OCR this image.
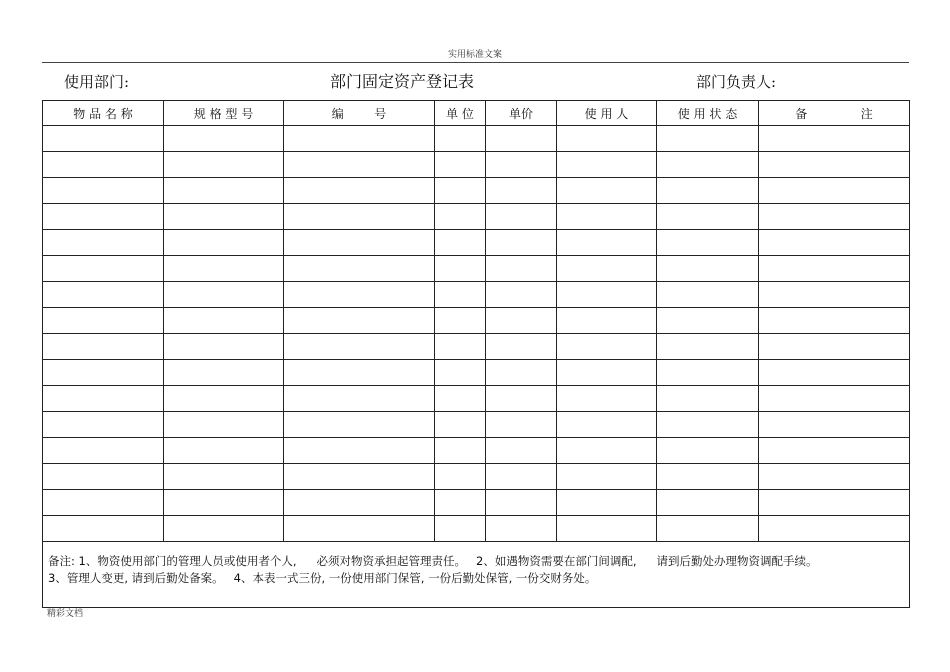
实用标准文案
使用部门:	部门固定资产登记表	部门负责人:
物 品 名 称	规 格 型 号	编        号	单 位	单价	使 用 人	使 用 状 态	备              注

备注: 1、物资使用部门的管理人员或使用者个人, 必须对物资承担起管理责任。 2、如遇物资需要在部门间调配, 请到后勤处办理物资调配手续。
3、管理人变更, 请到后勤处备案。 4、本表一式三份, 一份使用部门保管, 一份后勤处保管, 一份交财务处。							
精彩文档
